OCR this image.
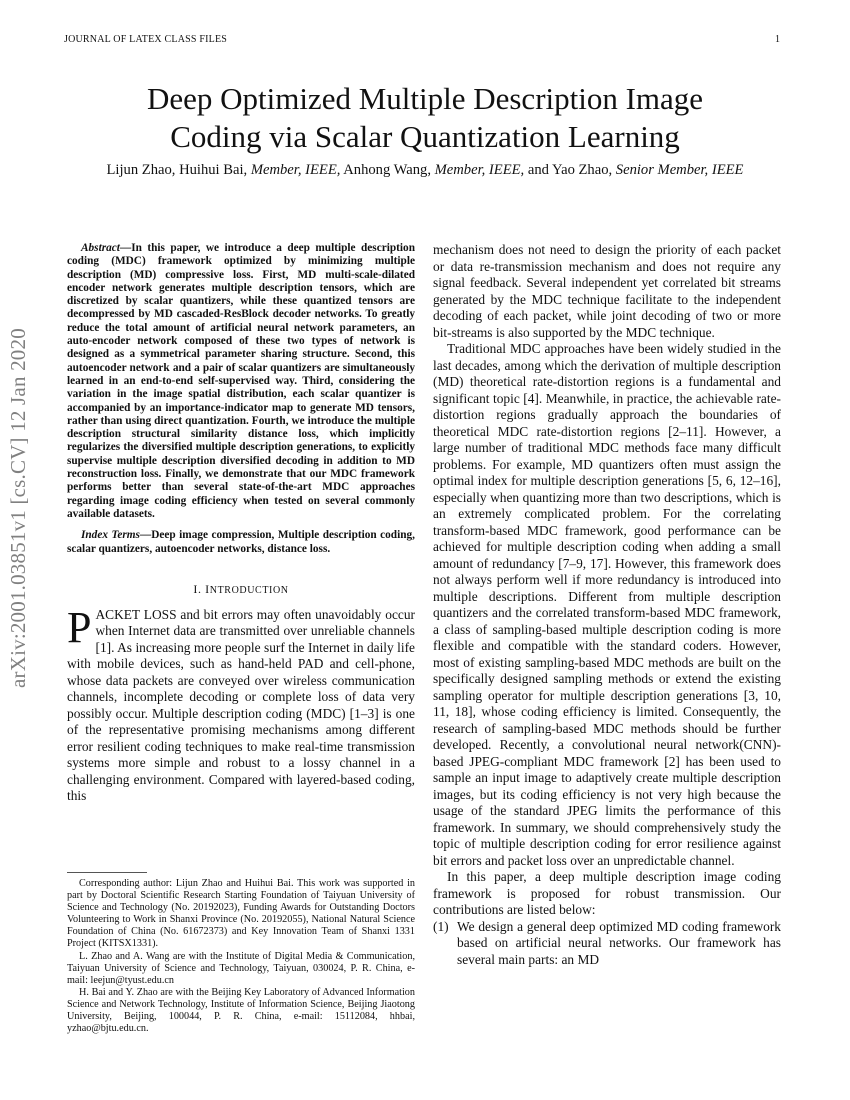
JOURNAL OF LATEX CLASS FILES	1
Deep Optimized Multiple Description Image
Coding via Scalar Quantization Learning
Lijun Zhao, Huihui Bai, Member, IEEE, Anhong Wang, Member, IEEE, and Yao Zhao, Senior Member, IEEE
arXiv:2001.03851v1 [cs.CV] 12 Jan 2020

Abstract—In this paper, we introduce a deep multiple description coding (MDC) framework optimized by minimizing multiple description (MD) compressive loss. First, MD multi-scale-dilated encoder network generates multiple description tensors, which are discretized by scalar quantizers, while these quantized tensors are decompressed by MD cascaded-ResBlock decoder networks. To greatly reduce the total amount of artificial neural network parameters, an auto-encoder network composed of these two types of network is designed as a symmetrical parameter sharing structure. Second, this autoencoder network and a pair of scalar quantizers are simultaneously learned in an end-to-end self-supervised way. Third, considering the variation in the image spatial distribution, each scalar quantizer is accompanied by an importance-indicator map to generate MD tensors, rather than using direct quantization. Fourth, we introduce the multiple description structural similarity distance loss, which implicitly regularizes the diversified multiple description generations, to explicitly supervise multiple description diversified decoding in addition to MD reconstruction loss. Finally, we demonstrate that our MDC framework performs better than several state-of-the-art MDC approaches regarding image coding efficiency when tested on several commonly available datasets.

Index Terms—Deep image compression, Multiple description coding, scalar quantizers, autoencoder networks, distance loss.

I. INTRODUCTION

PACKET LOSS and bit errors may often unavoidably occur when Internet data are transmitted over unreliable channels [1]. As increasing more people surf the Internet in daily life with mobile devices, such as hand-held PAD and cell-phone, whose data packets are conveyed over wireless communication channels, incomplete decoding or complete loss of data very possibly occur. Multiple description coding (MDC) [1–3] is one of the representative promising mechanisms among different error resilient coding techniques to make real-time transmission systems more simple and robust to a lossy channel in a challenging environment. Compared with layered-based coding, this

Corresponding author: Lijun Zhao and Huihui Bai. This work was supported in part by Doctoral Scientific Research Starting Foundation of Taiyuan University of Science and Technology (No. 20192023), Funding Awards for Outstanding Doctors Volunteering to Work in Shanxi Province (No. 20192055), National Natural Science Foundation of China (No. 61672373) and Key Innovation Team of Shanxi 1331 Project (KITSX1331).

L. Zhao and A. Wang are with the Institute of Digital Media & Communication, Taiyuan University of Science and Technology, Taiyuan, 030024, P. R. China, e-mail: leejun@tyust.edu.cn

H. Bai and Y. Zhao are with the Beijing Key Laboratory of Advanced Information Science and Network Technology, Institute of Information Science, Beijing Jiaotong University, Beijing, 100044, P. R. China, e-mail: 15112084, hhbai, yzhao@bjtu.edu.cn.

mechanism does not need to design the priority of each packet or data re-transmission mechanism and does not require any signal feedback. Several independent yet correlated bit streams generated by the MDC technique facilitate to the independent decoding of each packet, while joint decoding of two or more bit-streams is also supported by the MDC technique.

Traditional MDC approaches have been widely studied in the last decades, among which the derivation of multiple description (MD) theoretical rate-distortion regions is a fundamental and significant topic [4]. Meanwhile, in practice, the achievable rate-distortion regions gradually approach the boundaries of theoretical MDC rate-distortion regions [2–11]. However, a large number of traditional MDC methods face many difficult problems. For example, MD quantizers often must assign the optimal index for multiple description generations [5, 6, 12–16], especially when quantizing more than two descriptions, which is an extremely complicated problem. For the correlating transform-based MDC framework, good performance can be achieved for multiple description coding when adding a small amount of redundancy [7–9, 17]. However, this framework does not always perform well if more redundancy is introduced into multiple descriptions. Different from multiple description quantizers and the correlated transform-based MDC framework, a class of sampling-based multiple description coding is more flexible and compatible with the standard coders. However, most of existing sampling-based MDC methods are built on the specifically designed sampling methods or extend the existing sampling operator for multiple description generations [3, 10, 11, 18], whose coding efficiency is limited. Consequently, the research of sampling-based MDC methods should be further developed. Recently, a convolutional neural network(CNN)-based JPEG-compliant MDC framework [2] has been used to sample an input image to adaptively create multiple description images, but its coding efficiency is not very high because the usage of the standard JPEG limits the performance of this framework. In summary, we should comprehensively study the topic of multiple description coding for error resilience against bit errors and packet loss over an unpredictable channel.

In this paper, a deep multiple description image coding framework is proposed for robust transmission. Our contributions are listed below:

(1) We design a general deep optimized MD coding framework based on artificial neural networks. Our framework has several main parts: an MD
